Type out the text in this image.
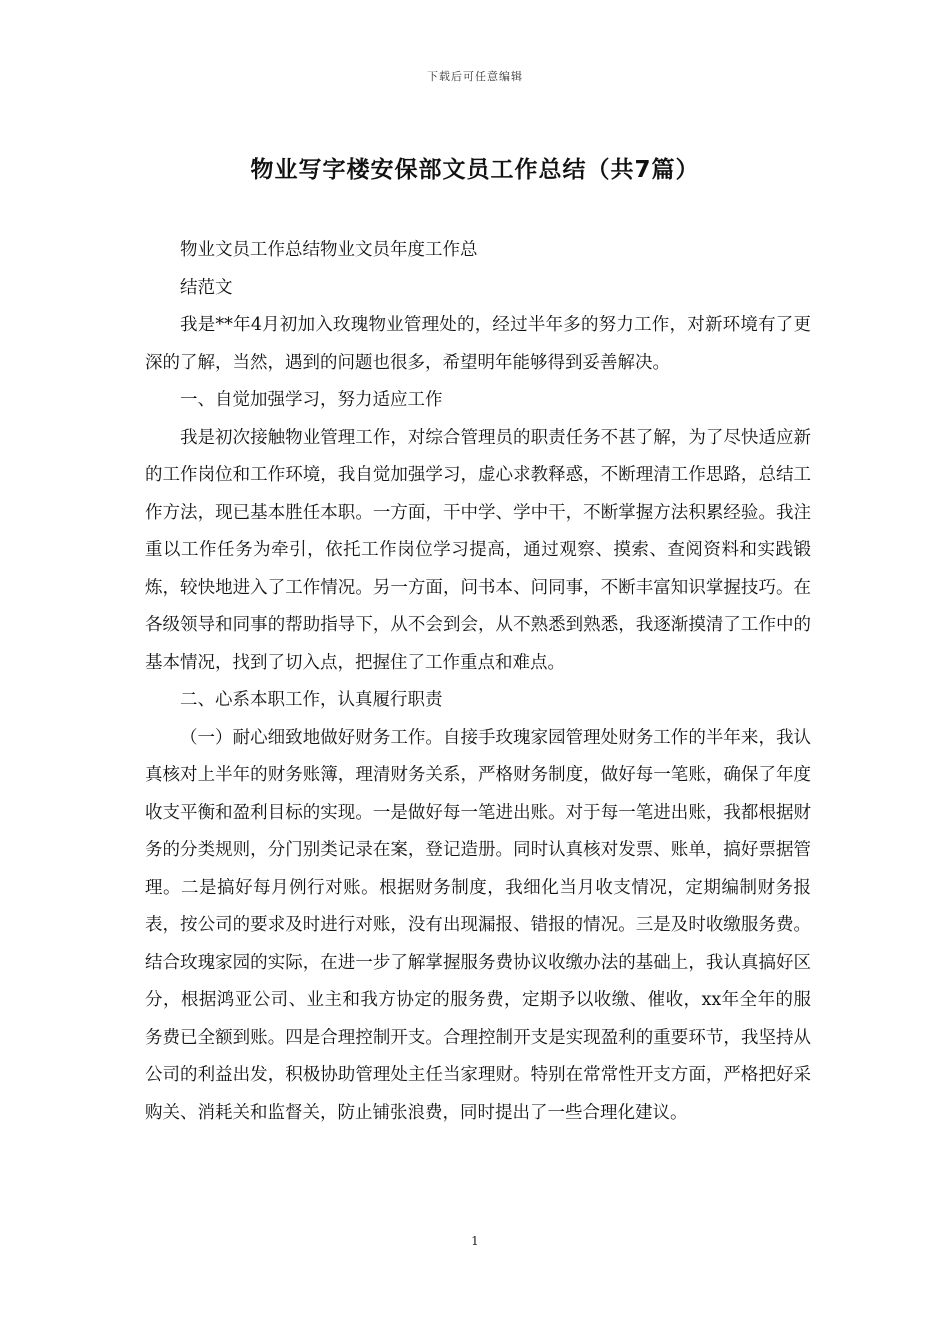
下载后可任意编辑
物业写字楼安保部文员工作总结（共7篇）

物业文员工作总结物业文员年度工作总

结范文

我是**年4月初加入玫瑰物业管理处的，经过半年多的努力工作，对新环境有了更深的了解，当然，遇到的问题也很多，希望明年能够得到妥善解决。

一、自觉加强学习，努力适应工作

我是初次接触物业管理工作，对综合管理员的职责任务不甚了解，为了尽快适应新的工作岗位和工作环境，我自觉加强学习，虚心求教释惑，不断理清工作思路，总结工作方法，现已基本胜任本职。一方面，干中学、学中干，不断掌握方法积累经验。我注重以工作任务为牵引，依托工作岗位学习提高，通过观察、摸索、查阅资料和实践锻炼，较快地进入了工作情况。另一方面，问书本、问同事，不断丰富知识掌握技巧。在各级领导和同事的帮助指导下，从不会到会，从不熟悉到熟悉，我逐渐摸清了工作中的基本情况，找到了切入点，把握住了工作重点和难点。

二、心系本职工作，认真履行职责

（一）耐心细致地做好财务工作。自接手玫瑰家园管理处财务工作的半年来，我认真核对上半年的财务账簿，理清财务关系，严格财务制度，做好每一笔账，确保了年度收支平衡和盈利目标的实现。一是做好每一笔进出账。对于每一笔进出账，我都根据财务的分类规则，分门别类记录在案，登记造册。同时认真核对发票、账单，搞好票据管理。二是搞好每月例行对账。根据财务制度，我细化当月收支情况，定期编制财务报表，按公司的要求及时进行对账，没有出现漏报、错报的情况。三是及时收缴服务费。结合玫瑰家园的实际，在进一步了解掌握服务费协议收缴办法的基础上，我认真搞好区分，根据鸿亚公司、业主和我方协定的服务费，定期予以收缴、催收，xx年全年的服务费已全额到账。四是合理控制开支。合理控制开支是实现盈利的重要环节，我坚持从公司的利益出发，积极协助管理处主任当家理财。特别在常常性开支方面，严格把好采购关、消耗关和监督关，防止铺张浪费，同时提出了一些合理化建议。

1
